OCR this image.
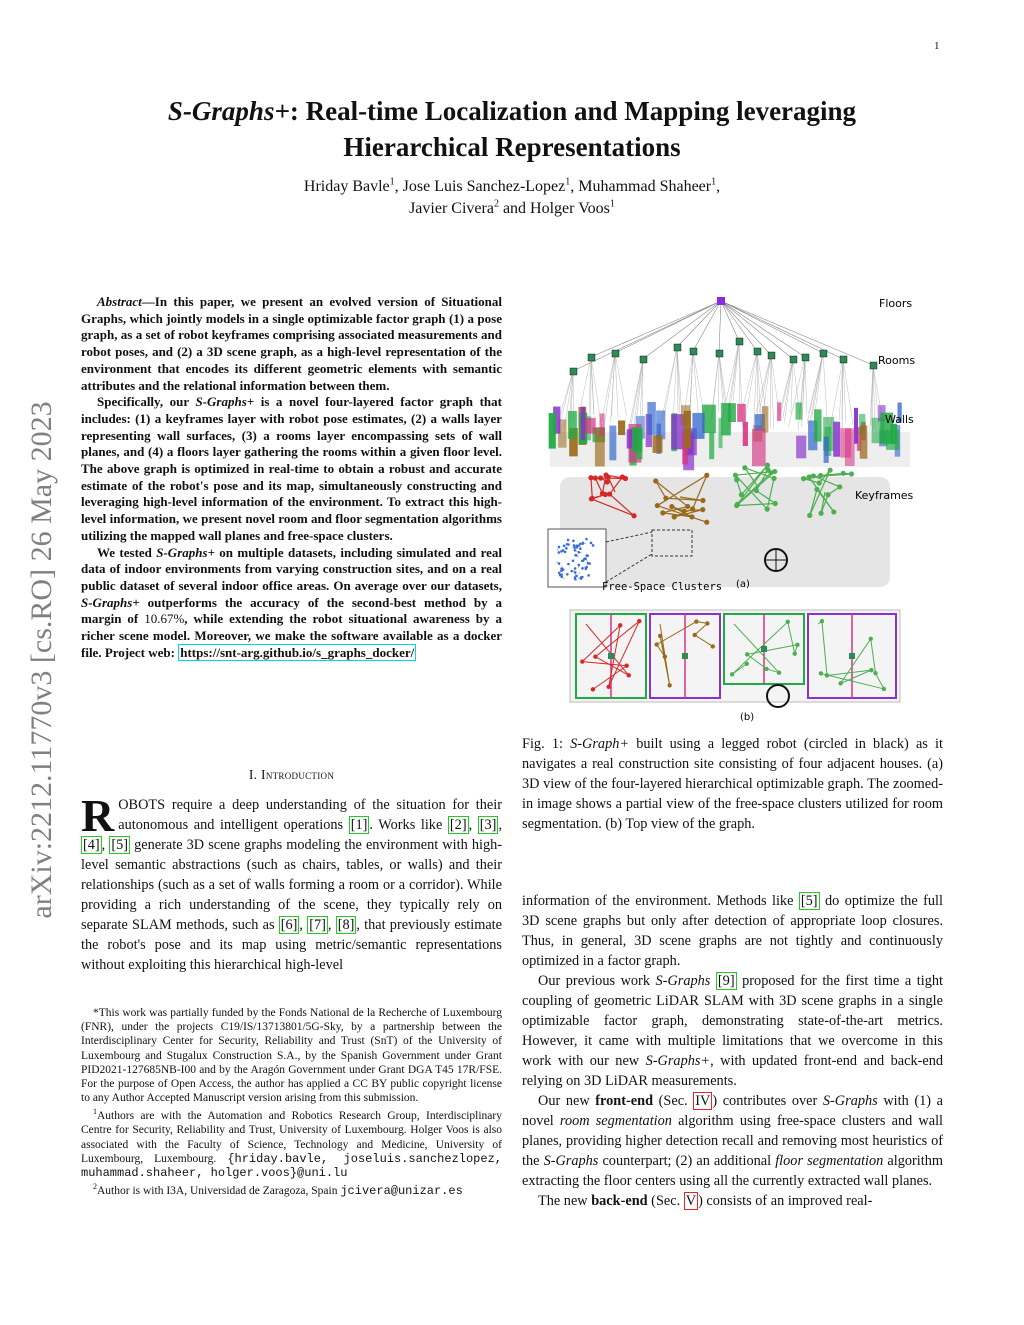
1
arXiv:2212.11770v3 [cs.RO] 26 May 2023
S-Graphs+: Real-time Localization and Mapping leveraging
Hierarchical Representations
Hriday Bavle$^1$, Jose Luis Sanchez-Lopez$^1$, Muhammad Shaheer$^1$,
Javier Civera$^2$ and Holger Voos$^1$

Abstract—In this paper, we present an evolved version of Situational Graphs, which jointly models in a single optimizable factor graph (1) a pose graph, as a set of robot keyframes comprising associated measurements and robot poses, and (2) a 3D scene graph, as a high-level representation of the environment that encodes its different geometric elements with semantic attributes and the relational information between them.

Specifically, our S-Graphs+ is a novel four-layered factor graph that includes: (1) a keyframes layer with robot pose estimates, (2) a walls layer representing wall surfaces, (3) a rooms layer encompassing sets of wall planes, and (4) a floors layer gathering the rooms within a given floor level. The above graph is optimized in real-time to obtain a robust and accurate estimate of the robot's pose and its map, simultaneously constructing and leveraging high-level information of the environment. To extract this high-level information, we present novel room and floor segmentation algorithms utilizing the mapped wall planes and free-space clusters.

We tested S-Graphs+ on multiple datasets, including simulated and real data of indoor environments from varying construction sites, and on a real public dataset of several indoor office areas. On average over our datasets, S-Graphs+ outperforms the accuracy of the second-best method by a margin of 10.67%, while extending the robot situational awareness by a richer scene model. Moreover, we make the software available as a docker file. Project web: https://snt-arg.github.io/s_graphs_docker/

I. Introduction

ROBOTS require a deep understanding of the situation for their autonomous and intelligent operations [1] . Works like [2] , [3] , [4] , [5] generate 3D scene graphs modeling the environment with high-level semantic abstractions (such as chairs, tables, or walls) and their relationships (such as a set of walls forming a room or a corridor). While providing a rich understanding of the scene, they typically rely on separate SLAM methods, such as [6] , [7] , [8] , that previously estimate the robot's pose and its map using metric/semantic representations without exploiting this hierarchical high-level

*This work was partially funded by the Fonds National de la Recherche of Luxembourg (FNR), under the projects C19/IS/13713801/5G-Sky, by a partnership between the Interdisciplinary Center for Security, Reliability and Trust (SnT) of the University of Luxembourg and Stugalux Construction S.A., by the Spanish Government under Grant PID2021-127685NB-I00 and by the Aragón Government under Grant DGA T45 17R/FSE. For the purpose of Open Access, the author has applied a CC BY public copyright license to any Author Accepted Manuscript version arising from this submission.

$^1$Authors are with the Automation and Robotics Research Group, Interdisciplinary Centre for Security, Reliability and Trust, University of Luxembourg. Holger Voos is also associated with the Faculty of Science, Technology and Medicine, University of Luxembourg, Luxembourg. {hriday.bavle, joseluis.sanchezlopez, muhammad.shaheer, holger.voos}@uni.lu

$^2$Author is with I3A, Universidad de Zaragoza, Spain jcivera@unizar.es

Floors
Rooms
Walls
Keyframes
Free-Space Clusters (a)
(b)
Fig. 1: S-Graph+ built using a legged robot (circled in black) as it navigates a real construction site consisting of four adjacent houses. (a) 3D view of the four-layered hierarchical optimizable graph. The zoomed-in image shows a partial view of the free-space clusters utilized for room segmentation. (b) Top view of the graph.

information of the environment. Methods like [5] do optimize the full 3D scene graphs but only after detection of appropriate loop closures. Thus, in general, 3D scene graphs are not tightly and continuously optimized in a factor graph.

Our previous work S-Graphs [9] proposed for the first time a tight coupling of geometric LiDAR SLAM with 3D scene graphs in a single optimizable factor graph, demonstrating state-of-the-art metrics. However, it came with multiple limitations that we overcome in this work with our new S-Graphs+, with updated front-end and back-end relying on 3D LiDAR measurements.

Our new front-end (Sec. IV ) contributes over S-Graphs with (1) a novel room segmentation algorithm using free-space clusters and wall planes, providing higher detection recall and removing most heuristics of the S-Graphs counterpart; (2) an additional floor segmentation algorithm extracting the floor centers using all the currently extracted wall planes.

The new back-end (Sec. V ) consists of an improved real-
